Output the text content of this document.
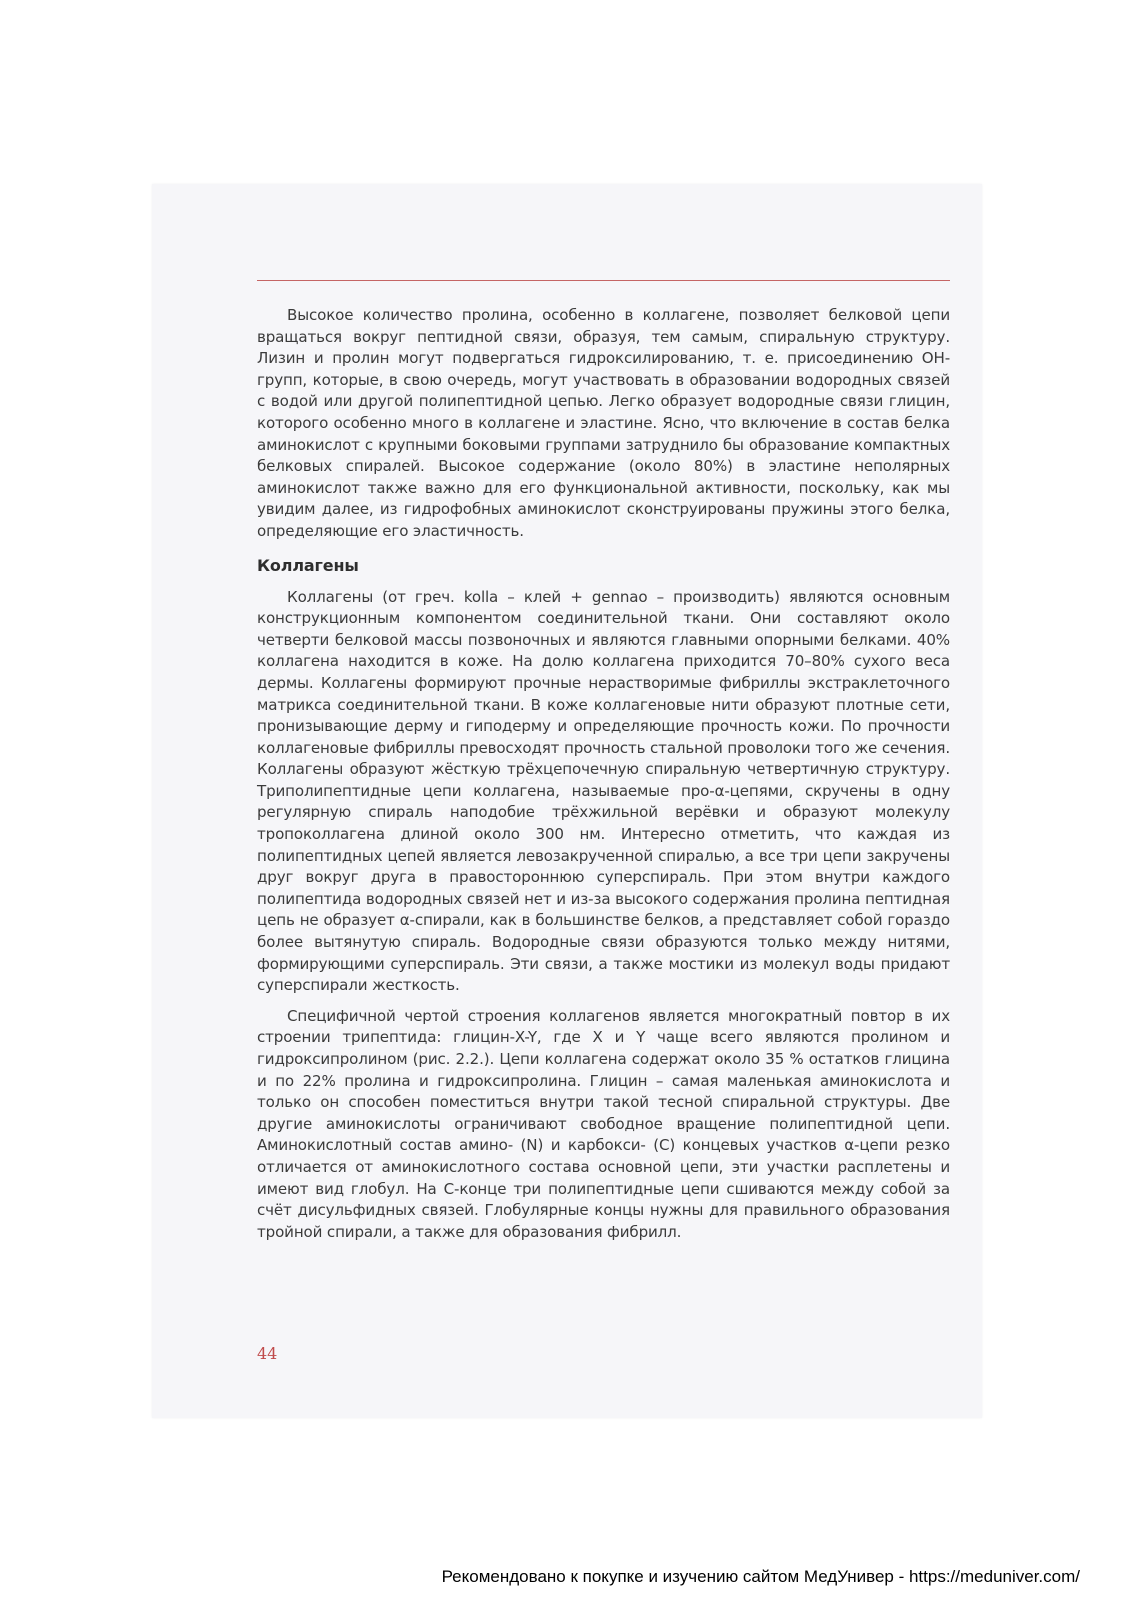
Высокое количество пролина, особенно в коллагене, позволяет белковой цепи вращаться вокруг пептидной связи, образуя, тем самым, спиральную структуру. Лизин и пролин могут подвергаться гидроксилированию, т. е. присоединению ОН-групп, которые, в свою очередь, могут участвовать в образовании водородных связей с водой или другой полипептидной цепью. Легко образует водородные связи глицин, которого особенно много в коллагене и эластине. Ясно, что включение в состав белка аминокислот с крупными боковыми группами затруднило бы образование компактных белковых спиралей. Высокое содержание (около 80%) в эластине неполярных аминокислот также важно для его функциональной активности, поскольку, как мы увидим далее, из гидрофобных аминокислот сконструированы пружины этого белка, определяющие его эластичность.

Коллагены

Коллагены (от греч. kolla – клей + gennao – производить) являются основным конструкционным компонентом соединительной ткани. Они составляют около четверти белковой массы позвоночных и являются главными опорными белками. 40% коллагена находится в коже. На долю коллагена приходится 70–80% сухого веса дермы. Коллагены формируют прочные нерастворимые фибриллы экстраклеточного матрикса соединительной ткани. В коже коллагеновые нити образуют плотные сети, пронизывающие дерму и гиподерму и определяющие прочность кожи. По прочности коллагеновые фибриллы превосходят прочность стальной проволоки того же сечения. Коллагены образуют жёсткую трёхцепочечную спиральную четвертичную структуру. Триполипептидные цепи коллагена, называемые про-α-цепями, скручены в одну регулярную спираль наподобие трёхжильной верёвки и образуют молекулу тропоколлагена длиной около 300 нм. Интересно отметить, что каждая из полипептидных цепей является левозакрученной спиралью, а все три цепи закручены друг вокруг друга в правостороннюю суперспираль. При этом внутри каждого полипептида водородных связей нет и из-за высокого содержания пролина пептидная цепь не образует α-спирали, как в большинстве белков, а представляет собой гораздо более вытянутую спираль. Водородные связи образуются только между нитями, формирующими суперспираль. Эти связи, а также мостики из молекул воды придают суперспирали жесткость.

Специфичной чертой строения коллагенов является многократный повтор в их строении трипептида: глицин-X-Y, где X и Y чаще всего являются пролином и гидроксипролином (рис. 2.2.). Цепи коллагена содержат около 35 % остатков глицина и по 22% пролина и гидроксипролина. Глицин – самая маленькая аминокислота и только он способен поместиться внутри такой тесной спиральной структуры. Две другие аминокислоты ограничивают свободное вращение полипептидной цепи. Аминокислотный состав амино- (N) и карбокси- (С) концевых участков α-цепи резко отличается от аминокислотного состава основной цепи, эти участки расплетены и имеют вид глобул. На С-конце три полипептидные цепи сшиваются между собой за счёт дисульфидных связей. Глобулярные концы нужны для правильного образования тройной спирали, а также для образования фибрилл.

44
Рекомендовано к покупке и изучению сайтом МедУнивер - https://meduniver.com/
